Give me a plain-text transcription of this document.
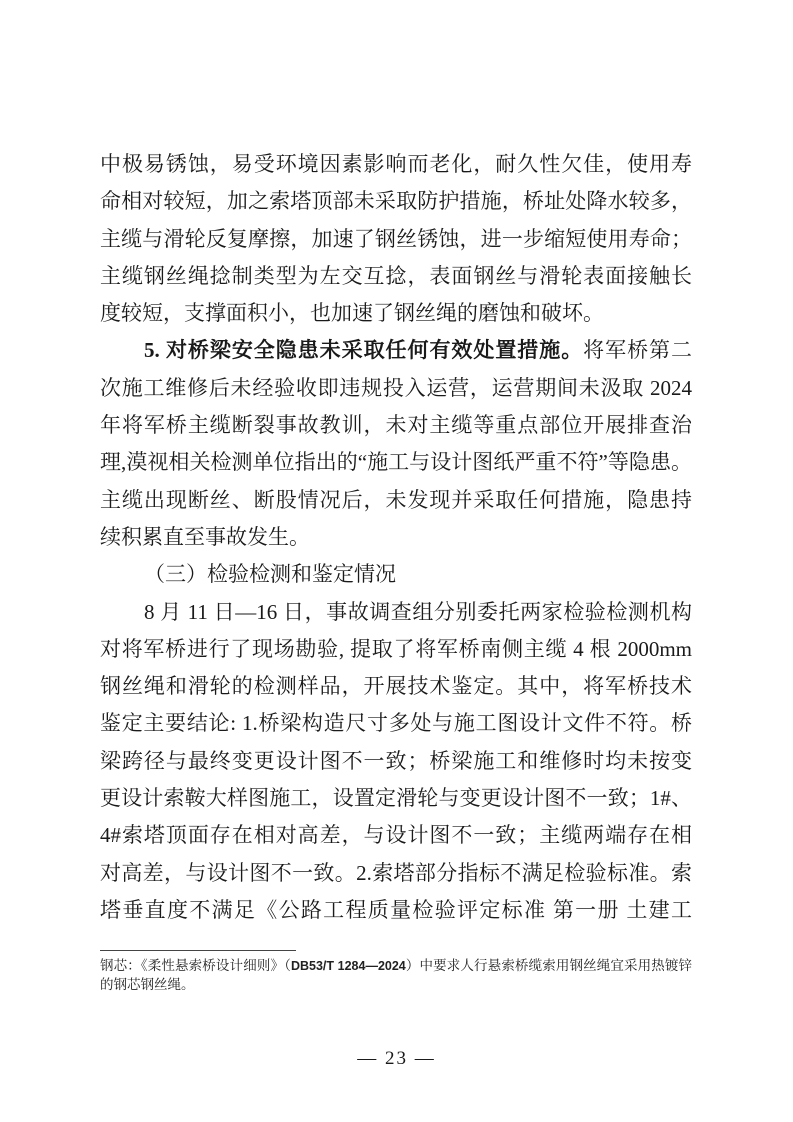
中极易锈蚀，易受环境因素影响而老化，耐久性欠佳，使用寿
命相对较短，加之索塔顶部未采取防护措施，桥址处降水较多，
主缆与滑轮反复摩擦，加速了钢丝锈蚀，进一步缩短使用寿命；
主缆钢丝绳捻制类型为左交互捻，表面钢丝与滑轮表面接触长
度较短，支撑面积小，也加速了钢丝绳的磨蚀和破坏。
5. 对桥梁安全隐患未采取任何有效处置措施。将军桥第二
次施工维修后未经验收即违规投入运营，运营期间未汲取 2024
年将军桥主缆断裂事故教训，未对主缆等重点部位开展排查治
理,漠视相关检测单位指出的“施工与设计图纸严重不符”等隐患。
主缆出现断丝、断股情况后，未发现并采取任何措施，隐患持
续积累直至事故发生。
（三）检验检测和鉴定情况
8 月 11 日—16 日，事故调查组分别委托两家检验检测机构
对将军桥进行了现场勘验, 提取了将军桥南侧主缆 4 根 2000mm
钢丝绳和滑轮的检测样品，开展技术鉴定。其中，将军桥技术
鉴定主要结论: 1.桥梁构造尺寸多处与施工图设计文件不符。桥
梁跨径与最终变更设计图不一致；桥梁施工和维修时均未按变
更设计索鞍大样图施工，设置定滑轮与变更设计图不一致；1#、
4#索塔顶面存在相对高差，与设计图不一致；主缆两端存在相
对高差，与设计图不一致。2.索塔部分指标不满足检验标准。索
塔垂直度不满足《公路工程质量检验评定标准 第一册 土建工
钢芯：《柔性悬索桥设计细则》（DB53/T 1284—2024）中要求人行悬索桥缆索用钢丝绳宜采用热镀锌
的钢芯钢丝绳。
— 23 —
